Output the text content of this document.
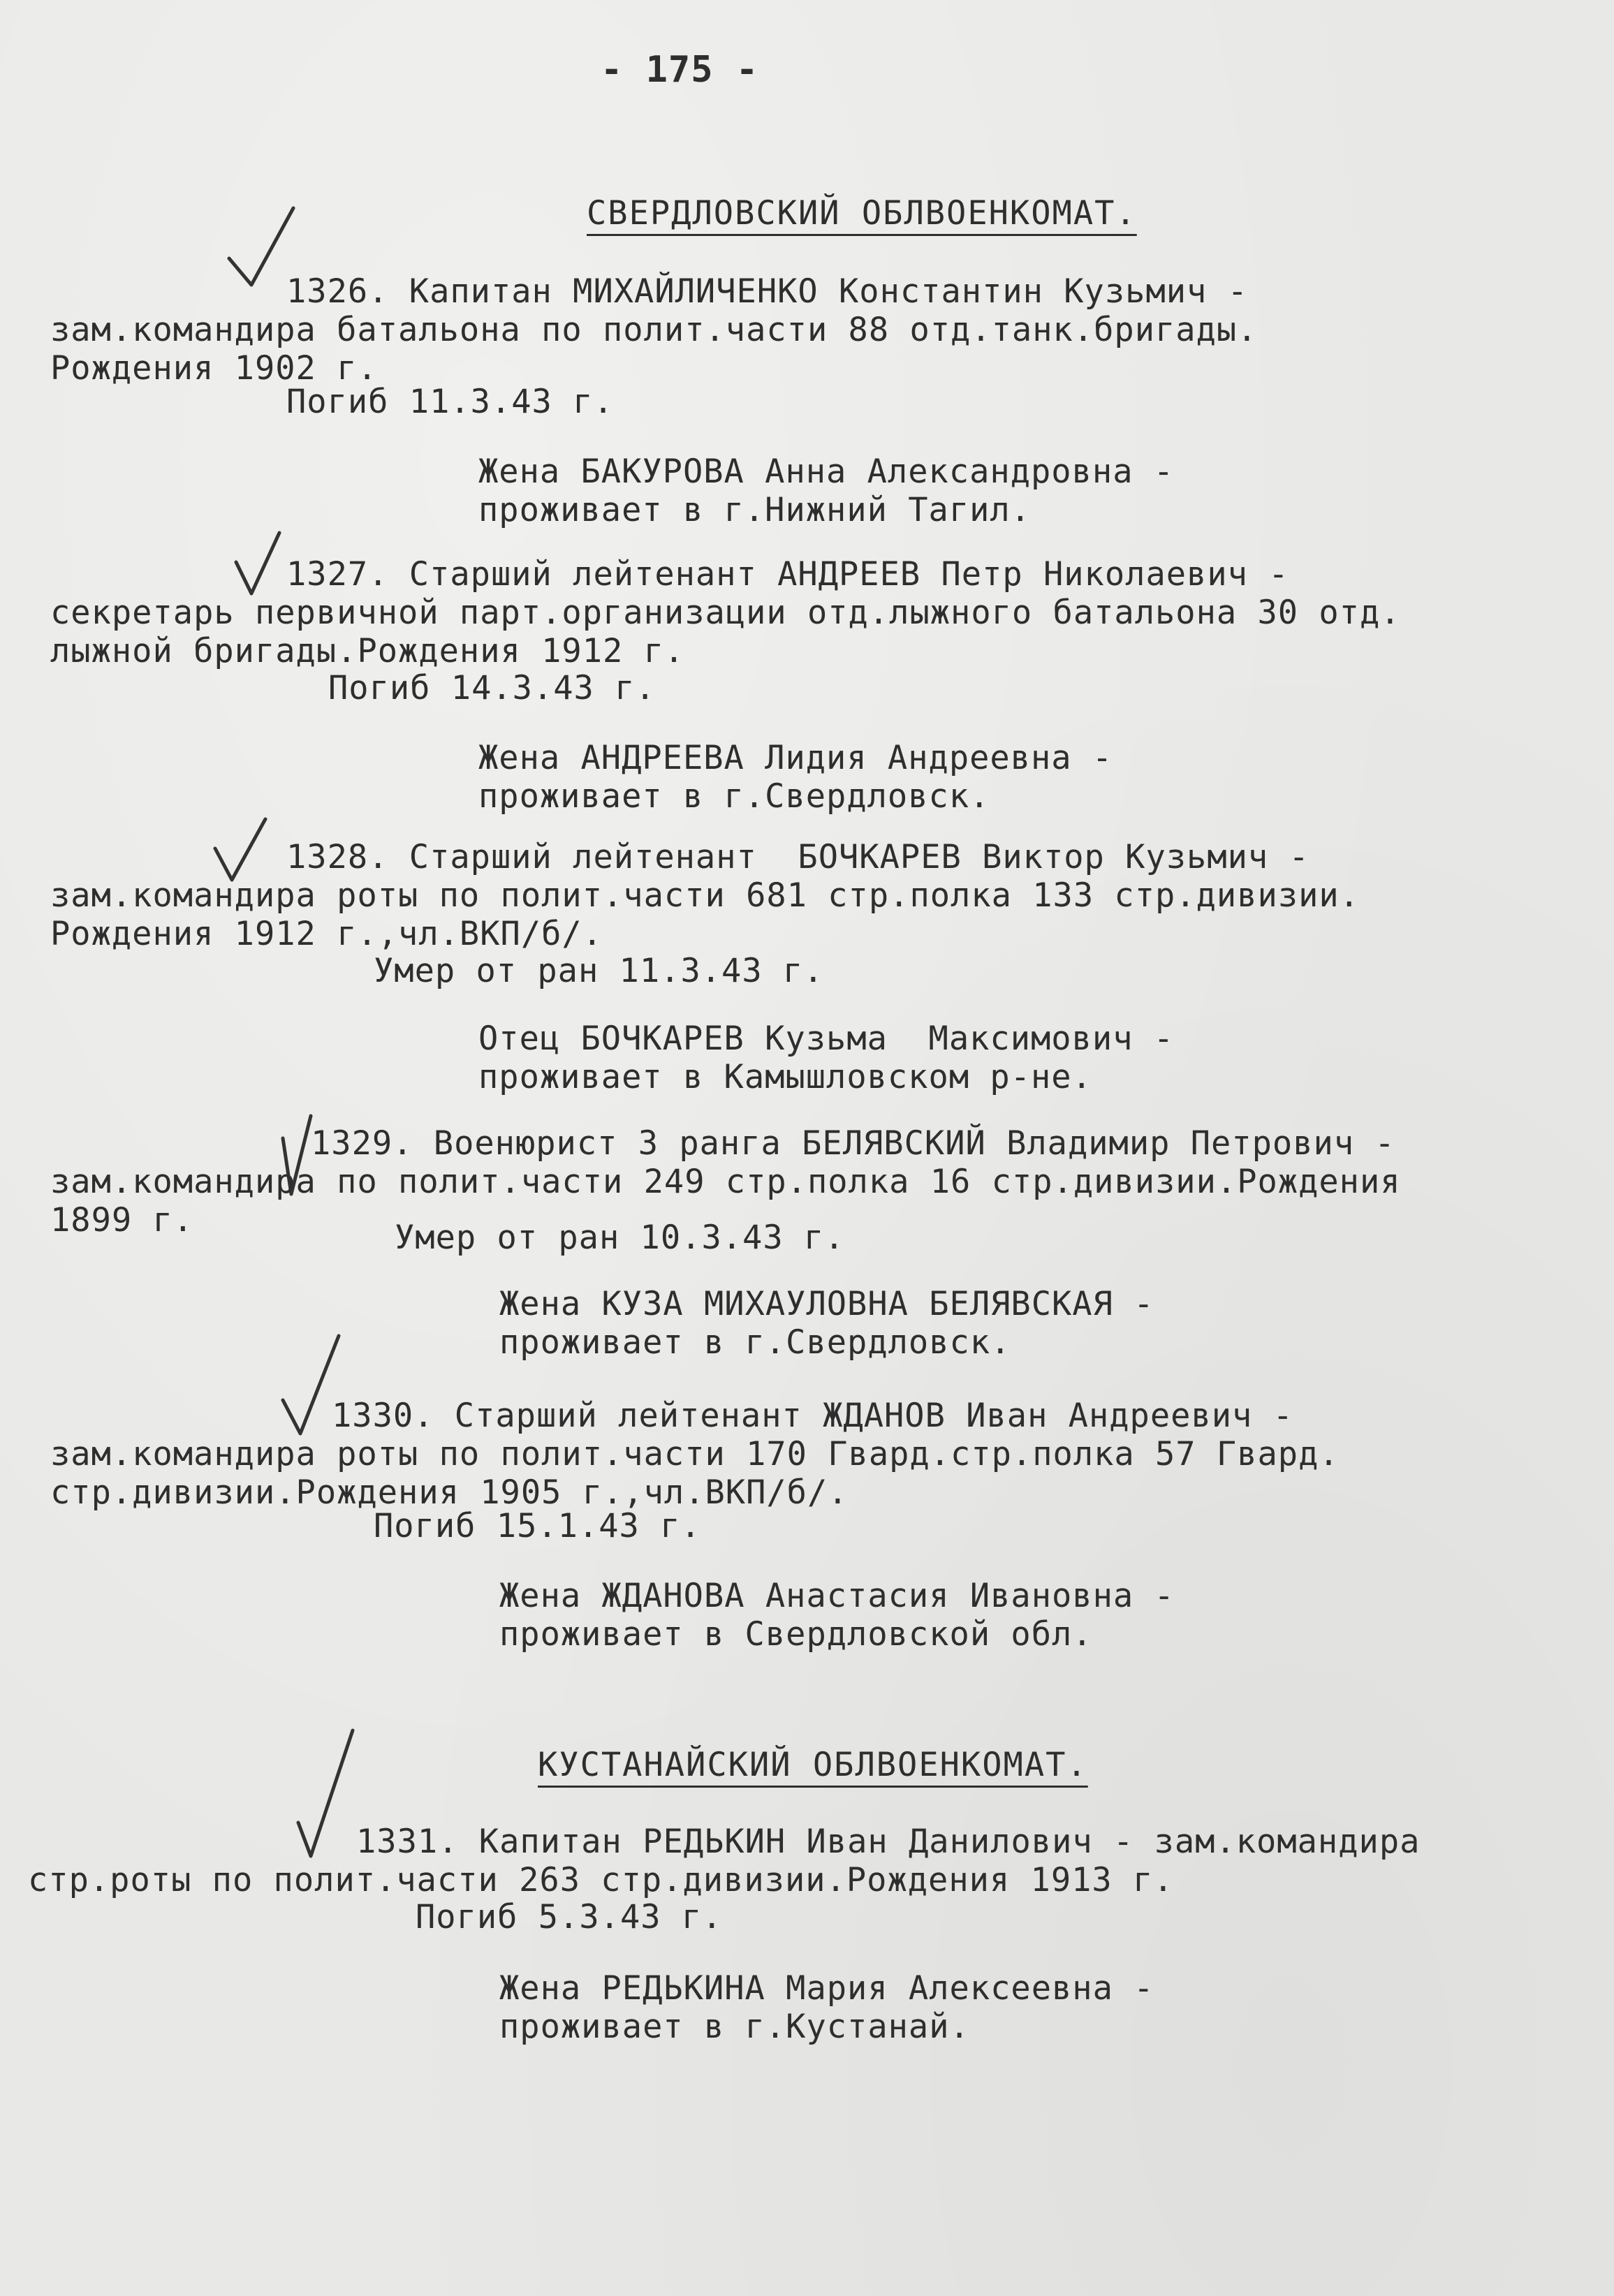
- 175 -
СВЕРДЛОВСКИЙ ОБЛВОЕНКОМАТ.
1326. Капитан МИХАЙЛИЧЕНКО Константин Кузьмич -
зам.командира батальона по полит.части 88 отд.танк.бригады.
Рождения 1902 г.
Погиб 11.3.43 г.
Жена БАКУРОВА Анна Александровна -
проживает в г.Нижний Тагил.
1327. Старший лейтенант АНДРЕЕВ Петр Николаевич -
секретарь первичной парт.организации отд.лыжного батальона 30 отд.
лыжной бригады.Рождения 1912 г.
Погиб 14.3.43 г.
Жена АНДРЕЕВА Лидия Андреевна -
проживает в г.Свердловск.
1328. Старший лейтенант  БОЧКАРЕВ Виктор Кузьмич -
зам.командира роты по полит.части 681 стр.полка 133 стр.дивизии.
Рождения 1912 г.,чл.ВКП/б/.
Умер от ран 11.3.43 г.
Отец БОЧКАРЕВ Кузьма  Максимович -
проживает в Камышловском р-не.
1329. Военюрист 3 ранга БЕЛЯВСКИЙ Владимир Петрович -
зам.командира по полит.части 249 стр.полка 16 стр.дивизии.Рождения
1899 г.	Умер от ран 10.3.43 г.
Жена КУЗА МИХАУЛОВНА БЕЛЯВСКАЯ -
проживает в г.Свердловск.
1330. Старший лейтенант ЖДАНОВ Иван Андреевич -
зам.командира роты по полит.части 170 Гвард.стр.полка 57 Гвард.
стр.дивизии.Рождения 1905 г.,чл.ВКП/б/.
Погиб 15.1.43 г.
Жена ЖДАНОВА Анастасия Ивановна -
проживает в Свердловской обл.
КУСТАНАЙСКИЙ ОБЛВОЕНКОМАТ.
1331. Капитан РЕДЬКИН Иван Данилович - зам.командира
стр.роты по полит.части 263 стр.дивизии.Рождения 1913 г.
Погиб 5.3.43 г.
Жена РЕДЬКИНА Мария Алексеевна -
проживает в г.Кустанай.
